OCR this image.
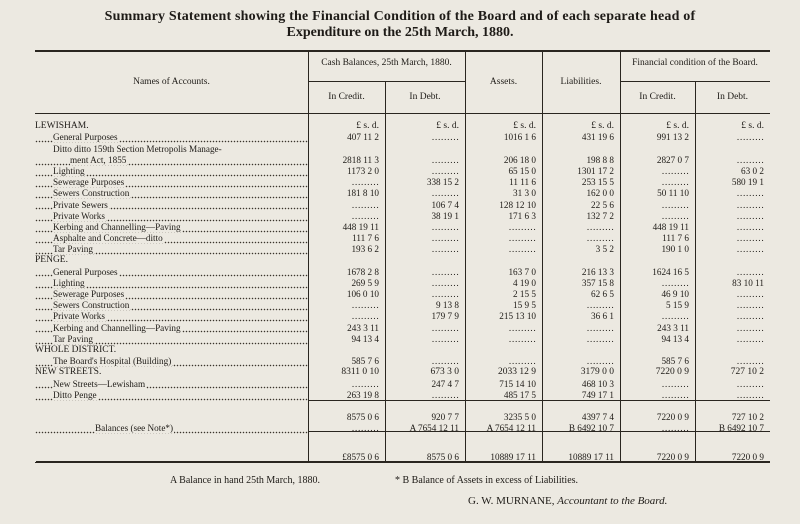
Summary Statement showing the Financial Condition of the Board and of each separate head of
Expenditure on the 25th March, 1880.
Names of Accounts.
Cash Balances, 25th March, 1880.
Assets.	Liabilities.
Financial condition of the Board.
In Credit.	In Debt.	In Credit.	In Debt.
LEWISHAM.	£ s. d.	£ s. d.	£ s. d.	£ s. d.	£ s. d.	£ s. d.
General Purposes	407 11 2	………	1016 1 6	431 19 6	991 13 2	………
Ditto ditto 159th Section Metropolis Manage-						
ment Act, 1855	2818 11 3	………	206 18 0	198 8 8	2827 0 7	………
Lighting	1173 2 0	………	65 15 0	1301 17 2	………	63 0 2
Sewerage Purposes	………	338 15 2	11 11 6	253 15 5	………	580 19 1
Sewers Construction	181 8 10	………	31 3 0	162 0 0	50 11 10	………
Private Sewers	………	106 7 4	128 12 10	22 5 6	………	………
Private Works	………	38 19 1	171 6 3	132 7 2	………	………
Kerbing and Channelling—Paving	448 19 11	………	………	………	448 19 11	………
Asphalte and Concrete—ditto	111 7 6	………	………	………	111 7 6	………
Tar Paving	193 6 2	………	………	3 5 2	190 1 0	………
PENGE.						
General Purposes	1678 2 8	………	163 7 0	216 13 3	1624 16 5	………
Lighting	269 5 9	………	4 19 0	357 15 8	………	83 10 11
Sewerage Purposes	106 0 10	………	2 15 5	62 6 5	46 9 10	………
Sewers Construction	………	9 13 8	15 9 5	………	5 15 9	………
Private Works	………	179 7 9	215 13 10	36 6 1	………	………
Kerbing and Channelling—Paving	243 3 11	………	………	………	243 3 11	………
Tar Paving	94 13 4	………	………	………	94 13 4	………
WHOLE DISTRICT.						
The Board's Hospital (Building)	585 7 6	………	………	………	585 7 6	………
NEW STREETS.	8311 0 10	673 3 0	2033 12 9	3179 0 0	7220 0 9	727 10 2
New Streets—Lewisham	………	247 4 7	715 14 10	468 10 3	………	………
Ditto Penge	263 19 8	………	485 17 5	749 17 1	………	………

	8575 0 6	920 7 7	3235 5 0	4397 7 4	7220 0 9	727 10 2
Balances (see Note*)	………	A 7654 12 11	A 7654 12 11	B 6492 10 7	………	B 6492 10 7

	£8575 0 6	8575 0 6	10889 17 11	10889 17 11	7220 0 9	7220 0 9
A Balance in hand 25th March, 1880.	* B Balance of Assets in excess of Liabilities.
G. W. MURNANE, Accountant to the Board.
